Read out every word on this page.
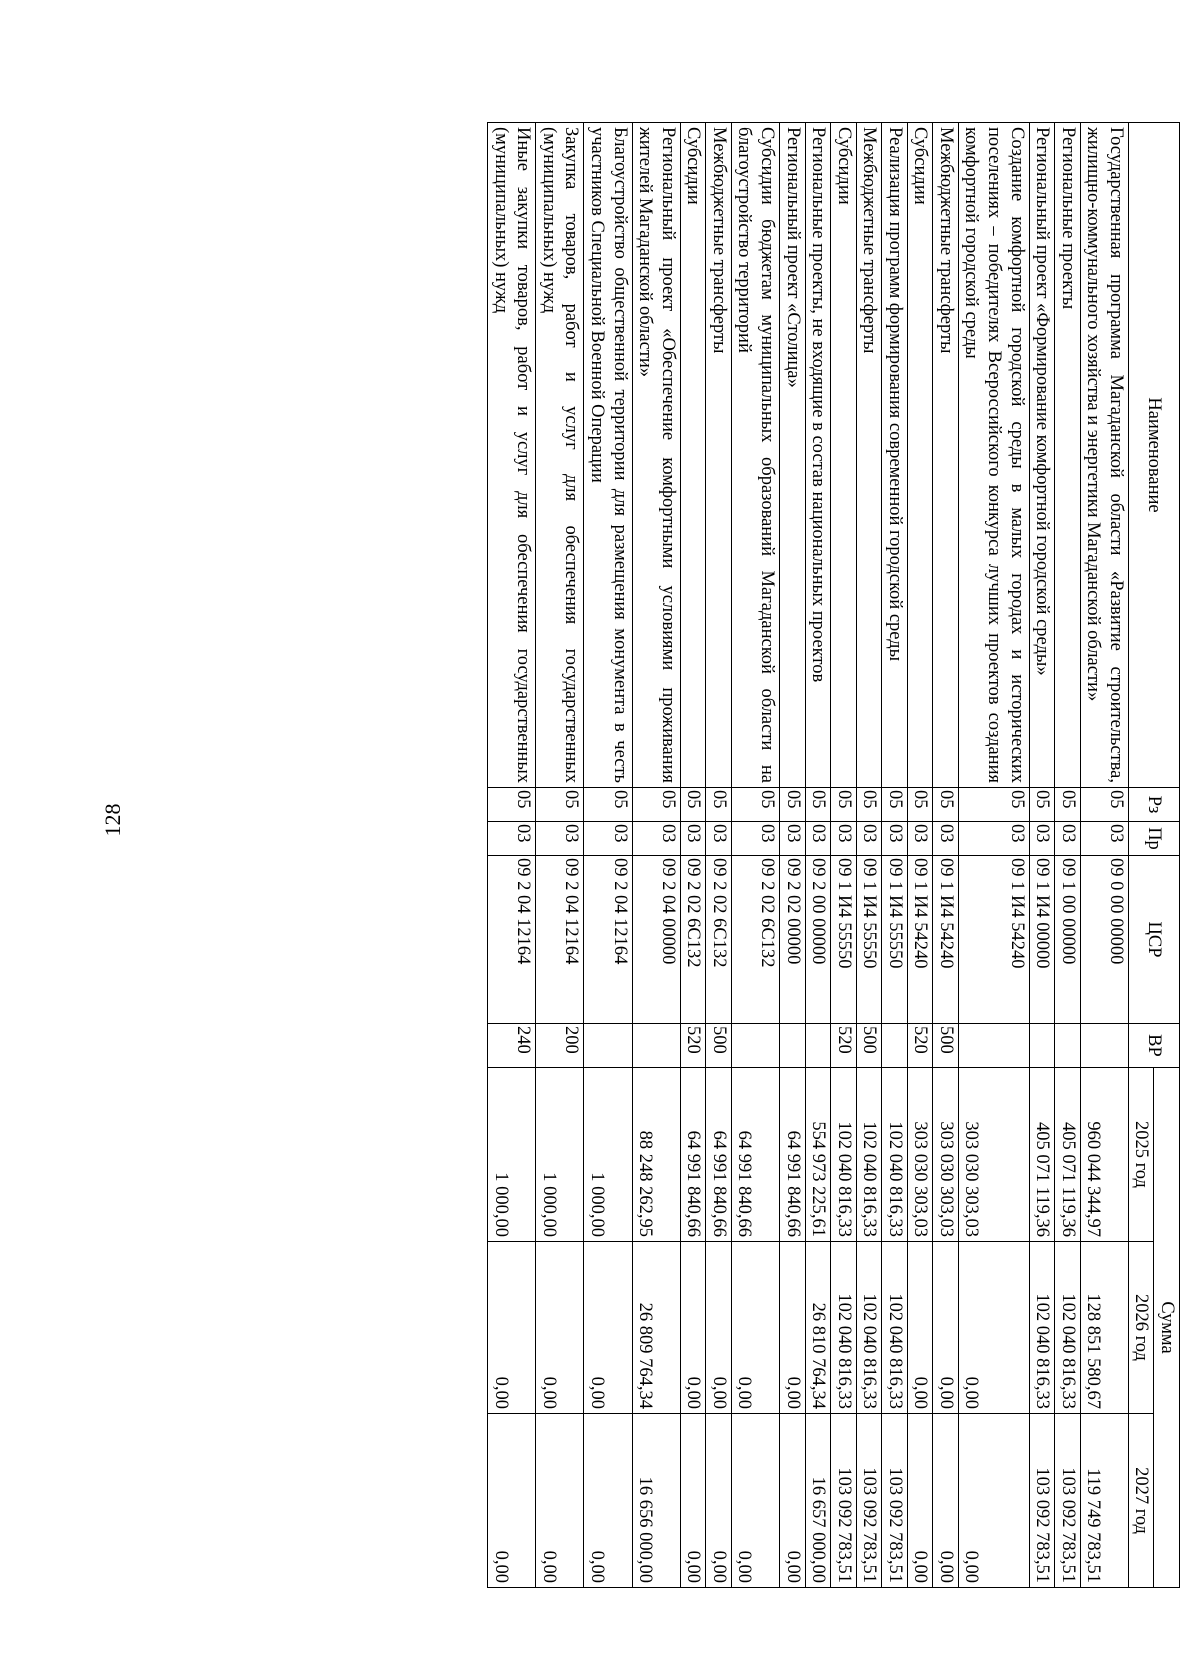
128
Наименование	Рз	Пр	ЦСР	ВР	Сумма		
					2025 год	2026 год	2027 год
Государственная программа Магаданской области «Развитие строительства, жилищно-коммунального хозяйства и энергетики Магаданской области»	05	03	09 0 00 00000		960 044 344,97	128 851 580,67	119 749 783,51
Региональные проекты	05	03	09 1 00 00000		405 071 119,36	102 040 816,33	103 092 783,51
Региональный проект «Формирование комфортной городской среды»	05	03	09 1 И4 00000		405 071 119,36	102 040 816,33	103 092 783,51
Создание комфортной городской среды в малых городах и исторических поселениях – победителях Всероссийского конкурса лучших проектов создания комфортной городской среды	05	03	09 1 И4 54240		303 030 303,03	0,00	0,00
Межбюджетные трансферты	05	03	09 1 И4 54240	500	303 030 303,03	0,00	0,00
Субсидии	05	03	09 1 И4 54240	520	303 030 303,03	0,00	0,00
Реализация программ формирования современной городской среды	05	03	09 1 И4 55550		102 040 816,33	102 040 816,33	103 092 783,51
Межбюджетные трансферты	05	03	09 1 И4 55550	500	102 040 816,33	102 040 816,33	103 092 783,51
Субсидии	05	03	09 1 И4 55550	520	102 040 816,33	102 040 816,33	103 092 783,51
Региональные проекты, не входящие в состав национальных проектов	05	03	09 2 00 00000		554 973 225,61	26 810 764,34	16 657 000,00
Региональный проект «Столица»	05	03	09 2 02 00000		64 991 840,66	0,00	0,00
Субсидии бюджетам муниципальных образований Магаданской области на благоустройство территорий	05	03	09 2 02 6С132		64 991 840,66	0,00	0,00
Межбюджетные трансферты	05	03	09 2 02 6С132	500	64 991 840,66	0,00	0,00
Субсидии	05	03	09 2 02 6С132	520	64 991 840,66	0,00	0,00
Региональный проект «Обеспечение комфортными условиями проживания жителей Магаданской области»	05	03	09 2 04 00000		88 248 262,95	26 809 764,34	16 656 000,00
Благоустройство общественной территории для размещения монумента в честь участников Специальной Военной Операции	05	03	09 2 04 12164		1 000,00	0,00	0,00
Закупка товаров, работ и услуг для обеспечения государственных (муниципальных) нужд	05	03	09 2 04 12164	200	1 000,00	0,00	0,00
Иные закупки товаров, работ и услуг для обеспечения государственных (муниципальных) нужд	05	03	09 2 04 12164	240	1 000,00	0,00	0,00
